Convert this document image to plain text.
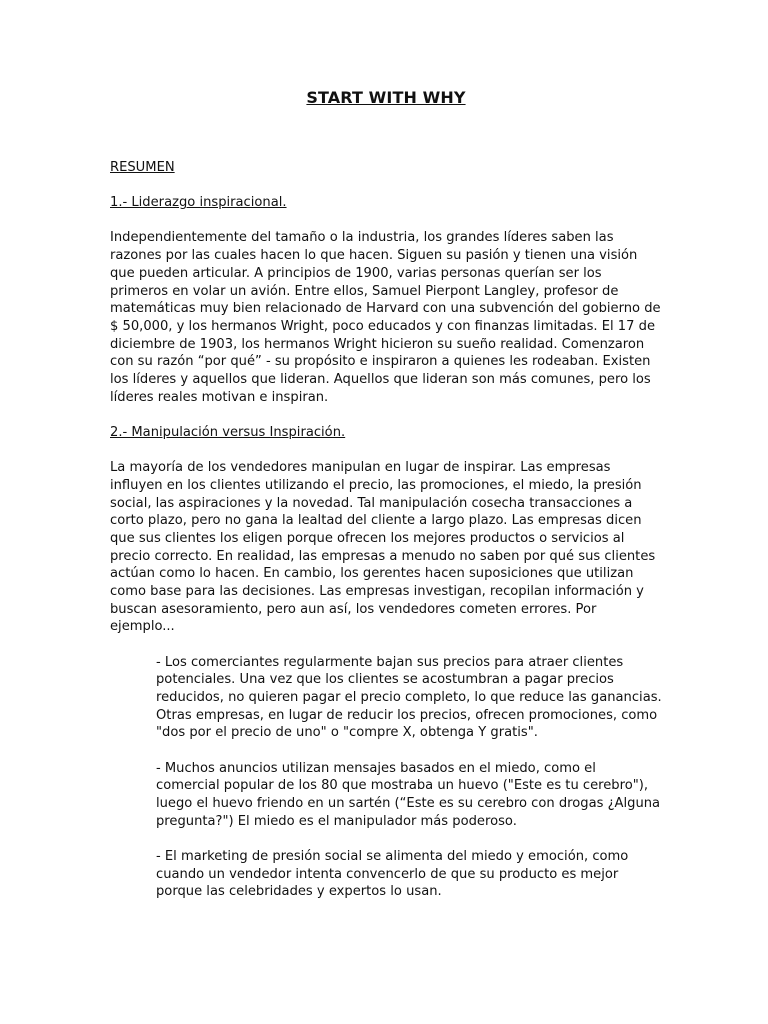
START WITH WHY

RESUMEN

1.- Liderazgo inspiracional.

Independientemente del tamaño o la industria, los grandes líderes saben las razones por las cuales hacen lo que hacen. Siguen su pasión y tienen una visión que pueden articular. A principios de 1900, varias personas querían ser los primeros en volar un avión. Entre ellos, Samuel Pierpont Langley, profesor de matemáticas muy bien relacionado de Harvard con una subvención del gobierno de $ 50,000, y los hermanos Wright, poco educados y con finanzas limitadas. El 17 de diciembre de 1903, los hermanos Wright hicieron su sueño realidad. Comenzaron con su razón “por qué” - su propósito e inspiraron a quienes les rodeaban. Existen los líderes y aquellos que lideran. Aquellos que lideran son más comunes, pero los líderes reales motivan e inspiran.

2.- Manipulación versus Inspiración.

La mayoría de los vendedores manipulan en lugar de inspirar. Las empresas influyen en los clientes utilizando el precio, las promociones, el miedo, la presión social, las aspiraciones y la novedad. Tal manipulación cosecha transacciones a corto plazo, pero no gana la lealtad del cliente a largo plazo. Las empresas dicen que sus clientes los eligen porque ofrecen los mejores productos o servicios al precio correcto. En realidad, las empresas a menudo no saben por qué sus clientes actúan como lo hacen. En cambio, los gerentes hacen suposiciones que utilizan como base para las decisiones. Las empresas investigan, recopilan información y buscan asesoramiento, pero aun así, los vendedores cometen errores. Por ejemplo...

- Los comerciantes regularmente bajan sus precios para atraer clientes potenciales. Una vez que los clientes se acostumbran a pagar precios reducidos, no quieren pagar el precio completo, lo que reduce las ganancias. Otras empresas, en lugar de reducir los precios, ofrecen promociones, como "dos por el precio de uno" o "compre X, obtenga Y gratis".

- Muchos anuncios utilizan mensajes basados en el miedo, como el comercial popular de los 80 que mostraba un huevo ("Este es tu cerebro"), luego el huevo friendo en un sartén (“Este es su cerebro con drogas ¿Alguna pregunta?") El miedo es el manipulador más poderoso.

- El marketing de presión social se alimenta del miedo y emoción, como cuando un vendedor intenta convencerlo de que su producto es mejor porque las celebridades y expertos lo usan.
